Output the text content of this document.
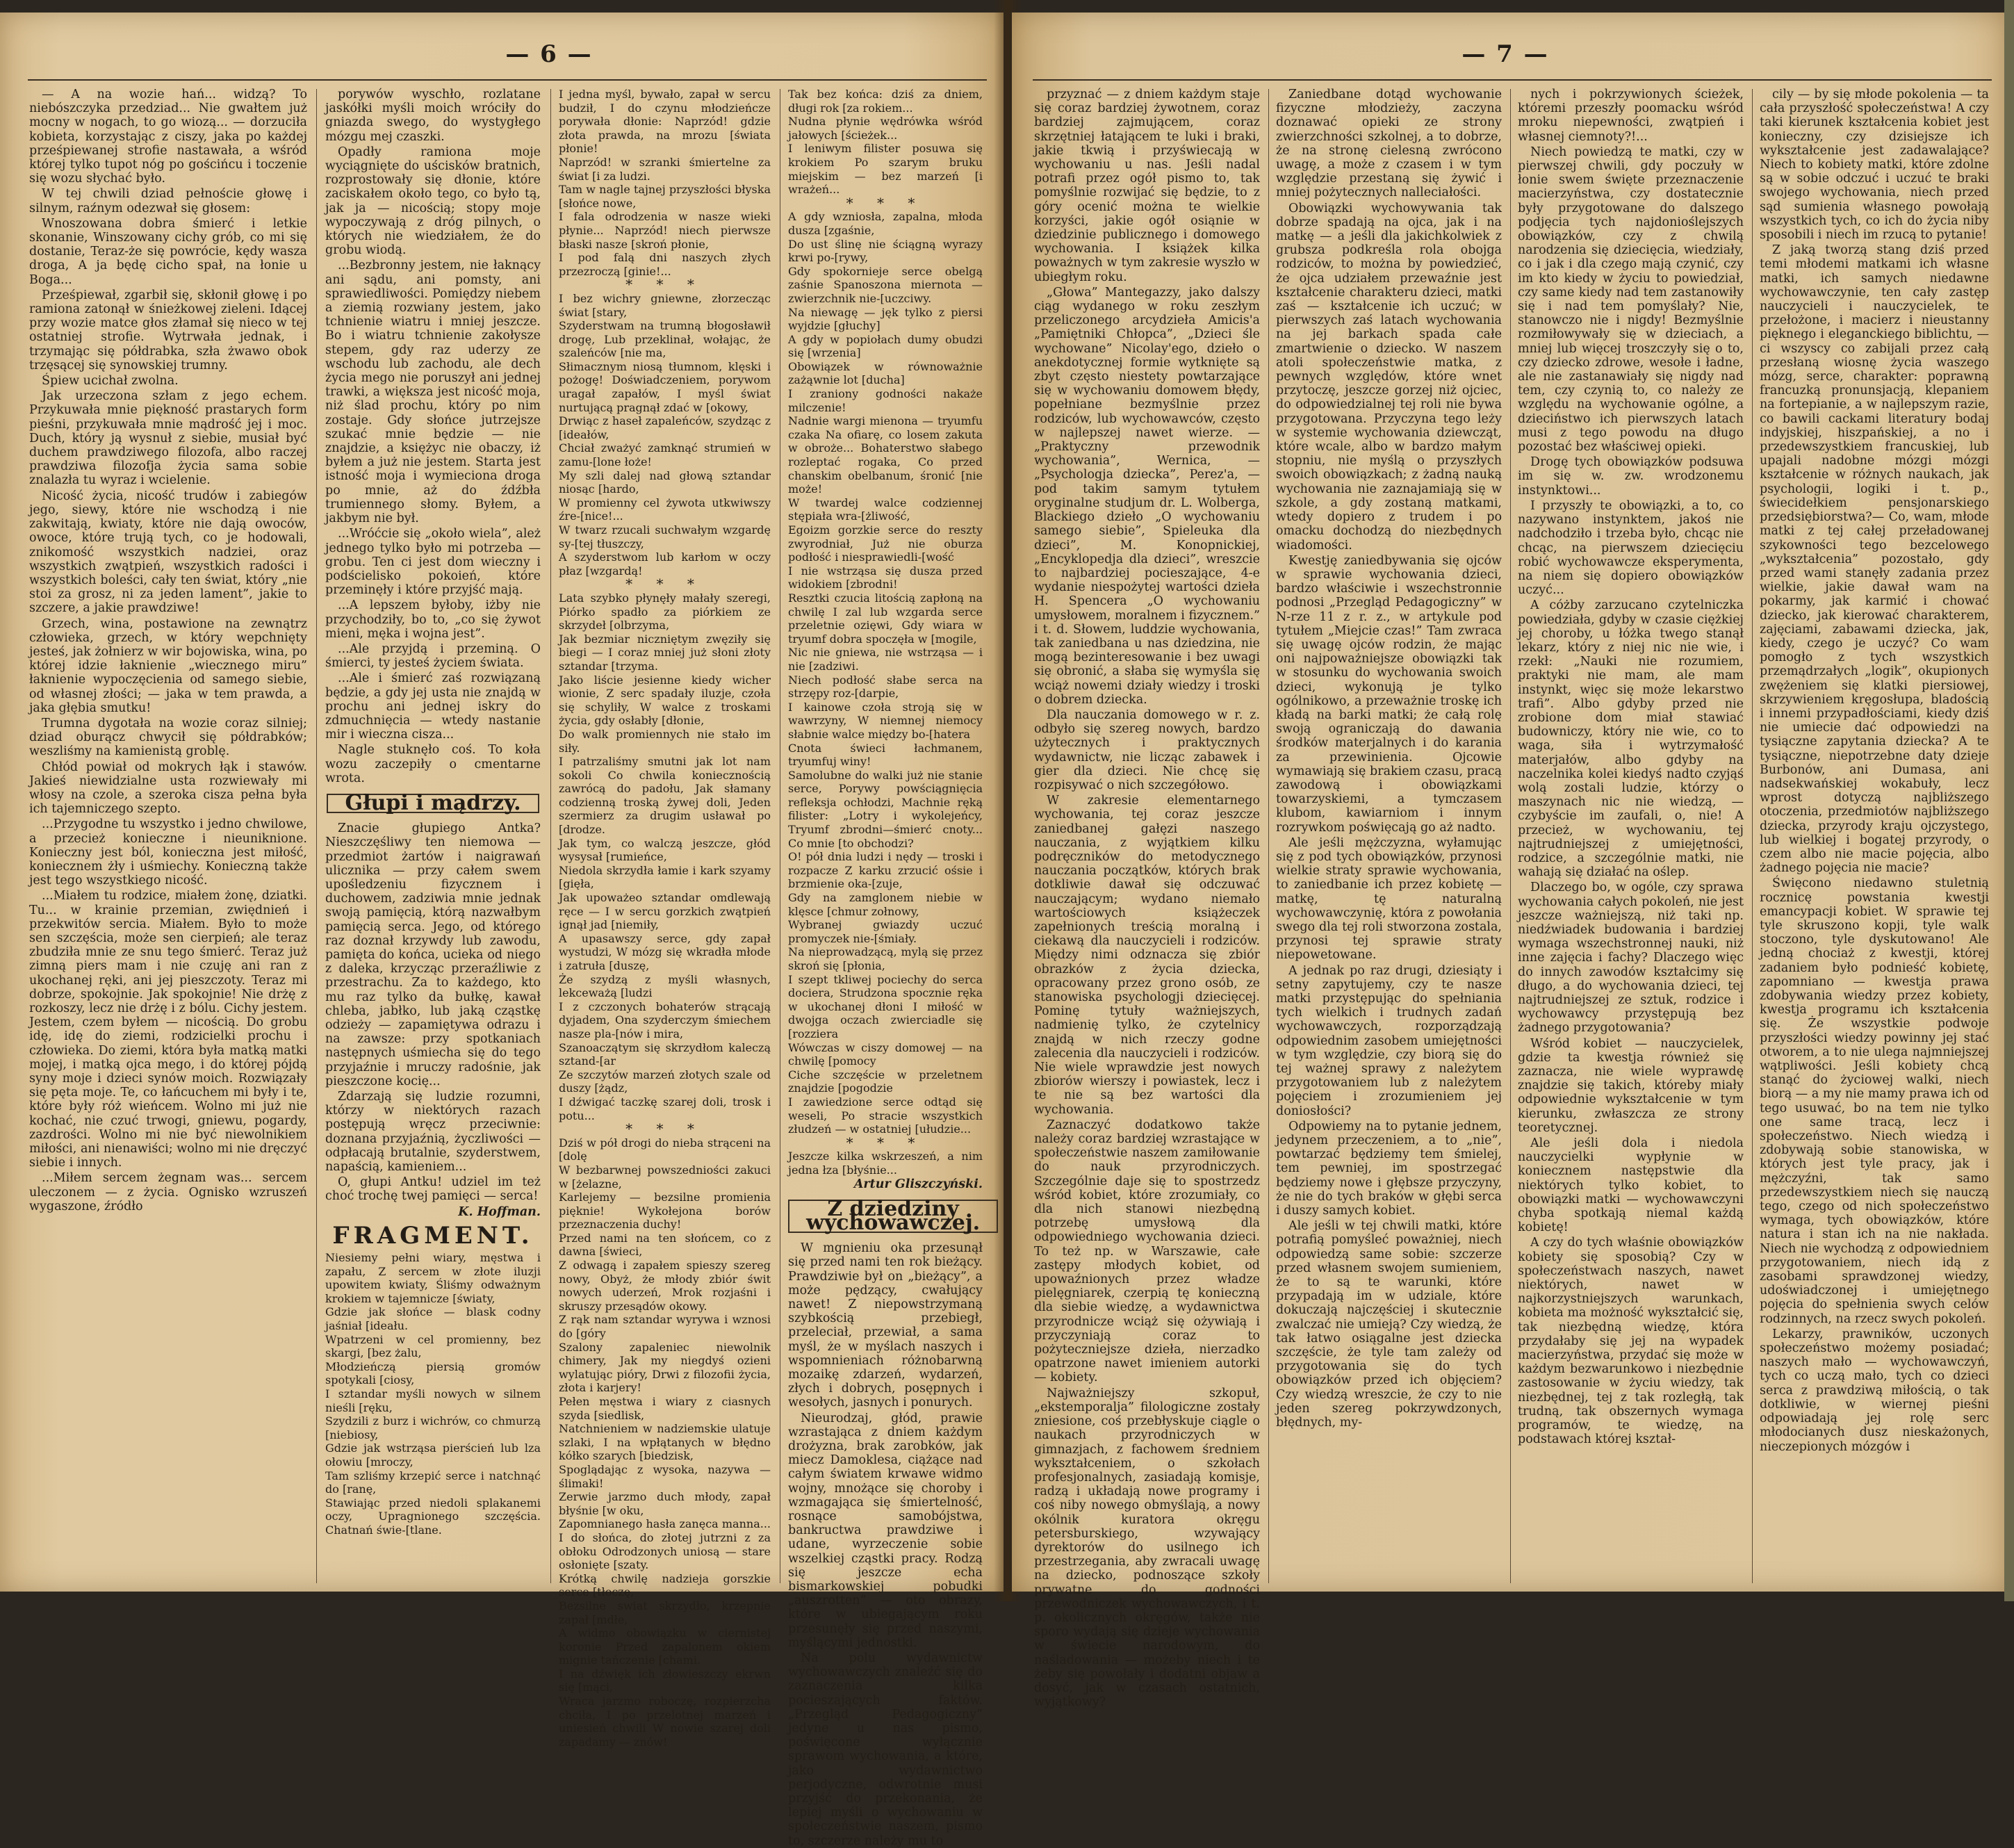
— 6 —

— A na wozie hań... widzą? To niebószczyka przedziad... Nie gwałtem już mocny w nogach, to go wiozą... — dorzuciła kobieta, korzystając z ciszy, jaka po każdej prześpiewanej strofie nastawała, a wśród której tylko tupot nóg po gościńcu i toczenie się wozu słychać było.

W tej chwili dziad pełnoście głowę i silnym, raźnym odezwał się głosem:

Wnoszowana dobra śmierć i letkie skonanie, Winszowany cichy grób, co mi się dostanie, Teraz-że się powrócie, kędy wasza droga, A ja będę cicho spał, na łonie u Boga...

Prześpiewał, zgarbił się, skłonił głowę i po ramiona zatonął w śnieżkowej zieleni. Idącej przy wozie matce głos złamał się nieco w tej ostatniej strofie. Wytrwała jednak, i trzymając się półdrabka, szła żwawo obok trzęsącej się synowskiej trumny.

Śpiew ucichał zwolna.

Jak urzeczona szłam z jego echem. Przykuwała mnie piękność prastarych form pieśni, przykuwała mnie mądrość jej i moc. Duch, który ją wysnuł z siebie, musiał być duchem prawdziwego filozofa, albo raczej prawdziwa filozofja życia sama sobie znalazła tu wyraz i wcielenie.

Nicość życia, nicość trudów i zabiegów jego, siewy, które nie wschodzą i nie zakwitają, kwiaty, które nie dają owoców, owoce, które trują tych, co je hodowali, znikomość wszystkich nadziei, oraz wszystkich zwątpień, wszystkich radości i wszystkich boleści, cały ten świat, który „nie stoi za grosz, ni za jeden lament”, jakie to szczere, a jakie prawdziwe!

Grzech, wina, postawione na zewnątrz człowieka, grzech, w który wepchnięty jesteś, jak żołnierz w wir bojowiska, wina, po której idzie łaknienie „wiecznego miru” łaknienie wypoczęcienia od samego siebie, od własnej złości; — jaka w tem prawda, a jaka głębia smutku!

Trumna dygotała na wozie coraz silniej; dziad oburącz chwycił się półdrabków; weszliśmy na kamienistą groblę.

Chłód powiał od mokrych łąk i stawów. Jakieś niewidzialne usta rozwiewały mi włosy na czole, a szeroka cisza pełna była ich tajemniczego szepto.

...Przygodne tu wszystko i jedno chwilowe, a przecież konieczne i nieuniknione. Konieczny jest ból, konieczna jest miłość, koniecznem żły i uśmiechy. Konieczną także jest tego wszystkiego nicość.

...Miałem tu rodzice, miałem żonę, dziatki. Tu... w krainie przemian, zwiędnień i przekwitów sercia. Miałem. Było to może sen szczęścia, może sen cierpień; ale teraz zbudziła mnie ze snu tego śmierć. Teraz już zimną piers mam i nie czuję ani ran z ukochanej ręki, ani jej pieszczoty. Teraz mi dobrze, spokojnie. Jak spokojnie! Nie drżę z rozkoszy, lecz nie drżę i z bólu. Cichy jestem. Jestem, czem byłem — nicością. Do grobu idę, idę do ziemi, rodzicielki prochu i człowieka. Do ziemi, która była matką matki mojej, i matką ojca mego, i do której pójdą syny moje i dzieci synów moich. Rozwiązały się pęta moje. Te, co łańcuchem mi były i te, które były róż wieńcem. Wolno mi już nie kochać, nie czuć trwogi, gniewu, pogardy, zazdrości. Wolno mi nie być niewolnikiem miłości, ani nienawiści; wolno mi nie dręczyć siebie i innych.

...Miłem sercem żegnam was... sercem uleczonem — z życia. Ognisko wzruszeń wygaszone, źródło

porywów wyschło, rozlatane jaskółki myśli moich wróciły do gniazda swego, do wystygłego mózgu mej czaszki.

Opadły ramiona moje wyciągnięte do uścisków bratnich, rozprostowały się dłonie, które zaciskałem około tego, co było tą, jak ja — nicością; stopy moje wypoczywają z dróg pilnych, o których nie wiedziałem, że do grobu wiodą.

...Bezbronny jestem, nie łaknący ani sądu, ani pomsty, ani sprawiedliwości. Pomiędzy niebem a ziemią rozwiany jestem, jako tchnienie wiatru i mniej jeszcze. Bo i wiatru tchnienie zakołysze stepem, gdy raz uderzy ze wschodu lub zachodu, ale dech życia mego nie poruszył ani jednej trawki, a większa jest nicość moja, niż ślad prochu, który po nim zostaje. Gdy słońce jutrzejsze szukać mnie będzie — nie znajdzie, a księżyc nie obaczy, iż byłem a już nie jestem. Starta jest istność moja i wymieciona droga po mnie, aż do źdźbła trumiennego słomy. Byłem, a jakbym nie był.

...Wróćcie się „około wiela”, ależ jednego tylko było mi potrzeba — grobu. Ten ci jest dom wieczny i podścielisko pokoień, które przeminęły i które przyjść mają.

...A lepszem byłoby, iżby nie przychodziły, bo to, „co się żywot mieni, męka i wojna jest”.

...Ale przyjdą i przeminą. O śmierci, ty jesteś życiem świata.

...Ale i śmierć zaś rozwiązaną będzie, a gdy jej usta nie znajdą w prochu ani jednej iskry do zdmuchnięcia — wtedy nastanie mir i wieczna cisza...

Nagle stuknęło coś. To koła wozu zaczepiły o cmentarne wrota.

Głupi i mądrzy.

Znacie głupiego Antka? Nieszczęśliwy ten niemowa — przedmiot żartów i naigrawań ulicznika — przy całem swem upośledzeniu fizycznem i duchowem, zadziwia mnie jednak swoją pamięcią, którą nazwałbym pamięcią serca. Jego, od którego raz doznał krzywdy lub zawodu, pamięta do końca, ucieka od niego z daleka, krzycząc przeraźliwie z przestrachu. Za to każdego, kto mu raz tylko da bułkę, kawał chleba, jabłko, lub jaką cząstkę odzieży — zapamiętywa odrazu i na zawsze: przy spotkaniach następnych uśmiecha się do tego przyjaźnie i mruczy radośnie, jak pieszczone kocię...

Zdarzają się ludzie rozumni, którzy w niektórych razach postępują wręcz przeciwnie: doznana przyjaźnią, życzliwości — odpłacają brutalnie, szyderstwem, napaścią, kamieniem...

O, głupi Antku! udziel im też choć trochę twej pamięci — serca!

K. Hoffman.

FRAGMENT.

Niesiemy pełni wiary, męstwa i zapału, Z sercem w złote iluzji upowitem kwiaty, Śliśmy odważnym krokiem w tajemnicze [światy,

Gdzie jak słońce — blask codny jaśniał [ideału.

Wpatrzeni w cel promienny, bez skargi, [bez żalu,

Młodzieńczą piersią gromów spotykali [ciosy,

I sztandar myśli nowych w silnem nieśli [ręku,

Szydzili z burz i wichrów, co chmurzą [niebiosy,

Gdzie jak wstrząsa pierścień lub lza ołowiu [mroczy,

Tam szliśmy krzepić serce i natchnąć do [ranę,

Stawiając przed niedoli splakanemi oczy, Upragnionego szczęścia. Chatnań świe-[tlane.

I jedna myśl, bywało, zapał w sercu budził, I do czynu młodzieńcze porywała dłonie: Naprzód! gdzie złota prawda, na mrozu [świata płonie!

Naprzód! w szranki śmiertelne za świat [i za ludzi.

Tam w nagle tajnej przyszłości błyska [słońce nowe,

I fala odrodzenia w nasze wieki płynie... Naprzód! niech pierwsze błaski nasze [skroń płonie,

I pod falą dni naszych złych przezroczą [ginie!...

* * *

I bez wichry gniewne, złorzecząc świat [stary,

Szyderstwam na trumną błogosławił drogę, Lub przeklinał, wołając, że szaleńców [nie ma,

Słimacznym niosą tłumnom, klęski i pożogę! Doświadczeniem, porywom uragał zapałów, I myśl świat nurtującą pragnął zdać w [okowy,

Drwiąc z haseł zapaleńców, szydząc z [ideałów,

Chciał zważyć zamknąć strumień w zamu-[lone łoże!

My szli dalej nad głową sztandar niosąc [hardo,

W promienny cel żywota utkwiwszy źre-[nice!...

W twarz rzucali suchwałym wzgardę sy-[tej tłuszczy,

A szyderstwom lub karłom w oczy płaz [wzgardą!

* * *

Lata szybko płynęły małały szeregi, Piórko spadło za piórkiem ze skrzydeł [olbrzyma,

Jak bezmiar niczniętym zwęziły się biegi — I coraz mniej już słoni złoty sztandar [trzyma.

Jako liście jesienne kiedy wicher wionie, Z serc spadały iluzje, czoła się schyliły, W walce z troskami życia, gdy osłabły [dłonie,

Do walk promiennych nie stało im siły.

I patrzaliśmy smutni jak lot nam sokoli Co chwila koniecznością zawrócą do padołu, Jak słamany codzienną troską żywej doli, Jeden szermierz za drugim usławał po [drodze.

Jak tym, co walczą jeszcze, głód wysysał [rumieńce,

Niedola skrzydła łamie i kark szyamy [gięła,

Jak upoważeo sztandar omdlewają ręce — I w sercu gorzkich zwątpień ignął jad [niemiły,

A upasawszy serce, gdy zapał wystudzi, W mózg się wkradła młode i zatruła [duszę,

Że szydzą z myśli własnych, lekceważą [ludzi

I z czczonych bohaterów strącają dyjadem, Ona szyderczym śmiechem nasze pla-[nów i mira,

Szanoaczątym się skrzydłom kaleczą sztand-[ar

Ze szczytów marzeń złotych szale od duszy [żądz,

I dźwigać taczkę szarej doli, trosk i potu...

* * *

Dziś w pół drogi do nieba strąceni na [dolę

W bezbarwnej powszedniości zakuci w [żelazne,

Karlejemy — bezsilne promienia pięknie! Wykołejona borów przeznaczenia duchy!

Przed nami na ten słońcem, co z dawna [świeci,

Z odwagą i zapałem spieszy szereg nowy, Obyż, że młody zbiór świt nowych uderzeń, Mrok rozjaśni i skruszy przesądów okowy.

Z rąk nam sztandar wyrywa i wznosi do [góry

Szalony zapaleniec niewolnik chimery, Jak my niegdyś ozieni wylatując pióry, Drwi z filozofii życia, złota i karjery!

Pełen męstwa i wiary z ciasnych szyda [siedlisk,

Natchnieniem w nadziemskie ulatuje szlaki, I na wpłątanych w błędno kółko szarych [biedzisk,

Spoglądając z wysoka, nazywa — ślimaki!

Zerwie jarzmo duch młody, zapał błyśnie [w oku,

Zapomnianego hasła zanęca manna... I do słońca, do złotej jutrzni z za obłoku Odrodzonych uniosą — stare osłonięte [szaty.

Krótką chwilę nadzieja gorszkie serce [tłoczę,

Bezsilne swiat skrzydło, krzepnie zapał [mdłe,

A widmo obowiązku w ciernistej koronie Przed zapalonem okiem mignie tańczenie [chami.

I na dźwięk ich złowieszczy ekrwn się [mąci,

Wraca jarzmo roboczę, rozpierzcha chciła, I po przelotnej marzeń i uniesień chwili W nowie szarej doli zapadamy — znów!

Tak bez końca: dziś za dniem, długi rok [za rokiem...

Nudna płynie wędrówka wśród jałowych [ścieżek...

I leniwym filister posuwa się krokiem Po szarym bruku miejskim — bez marzeń [i wrażeń...

* * *

A gdy wzniosła, zapalna, młoda dusza [zgaśnie,

Do ust ślinę nie ściągną wyrazy krwi po-[rywy,

Gdy spokornieje serce obelgą zaśnie Spanoszona miernota — zwierzchnik nie-[uczciwy.

Na niewagę — jęk tylko z piersi wyjdzie [głuchy]

A gdy w popiołach dumy obudzi się [wrzenia]

Obowiązek w równoważnie zażąwnie lot [ducha]

I zraniony godności nakaże milczenie!

Nadnie wargi mienona — tryumfu czaka Na ofiarę, co losem zakuta w obroże... Bohaterstwo słabego rozleptać rogaka, Co przed chanskim obelbanum, śronić [nie może!

W twardej walce codziennej stępiała wra-[żliwość,

Egoizm gorzkie serce do reszty zwyrodniał, Już nie oburza podłość i niesprawiedli-[wość

I nie wstrząsa się dusza przed widokiem [zbrodni!

Resztki czucia litością zapłoną na chwilę I zal lub wzgarda serce przeletnie ozięwi, Gdy wiara w tryumf dobra spoczęła w [mogile,

Nic nie gniewa, nie wstrząsa — i nie [zadziwi.

Niech podłość słabe serca na strzępy roz-[darpie,

I kainowe czoła stroją się w wawrzyny, W niemnej niemocy słabnie walce między bo-[hatera

Cnota świeci łachmanem, tryumfuj winy!

Samolubne do walki już nie stanie serce, Porywy powściągnięcia refleksja ochłodzi, Machnie ręką filister: „Lotry i wykolejeńcy, Tryumf zbrodni—śmierć cnoty... Co mnie [to obchodzi?

O! pół dnia ludzi i nędy — troski i rozpacze Z karku zrzucić ośsie i brzmienie oka-[zuje,

Gdy na zamglonem niebie w klęsce [chmur zołnowy,

Wybranej gwiazdy uczuć promyczek nie-[śmiały.

Na nieprowadzącą, mylą się przez skroń się [płonia,

I szept tkliwej pociechy do serca dociera, Strudzona spocznie ręka w ukochanej dłoni I miłość w dwojga oczach zwierciadle się [rozziera

Wówczas w ciszy domowej — na chwilę [pomocy

Ciche szczęście w przeletnem znajdzie [pogodzie

I zawiedzione serce odtąd się weseli, Po stracie wszystkich złudzeń — w ostatniej [ułudzie...

* * *

Jeszcze kilka wskrzeszeń, a nim jedna łza [błyśnie...

Artur Gliszczyński.

Z dziedziny wychowawczej.

W mgnieniu oka przesunął się przed nami ten rok bieżący. Prawdziwie był on „bieżący”, a może pędzący, cwałujący nawet! Z niepowstrzymaną szybkością przebiegł, przeleciał, przewiał, a sama myśl, że w myślach naszych i wspomnieniach różnobarwną mozaikę zdarzeń, wydarzeń, złych i dobrych, posępnych i wesołych, jasnych i ponurych.

Nieurodzaj, głód, prawie wzrastająca z dniem każdym drożyzna, brak zarobków, jak miecz Damoklesa, ciążące nad całym światem krwawe widmo wojny, mnożące się choroby i wzmagająca się śmiertelność, rosnące samobójstwa, bankructwa prawdziwe i udane, wyrzeczenie sobie wszelkiej cząstki pracy. Rodzą się jeszcze echa bismarkowskiej pobudki „auszrotten” — oto obrazy, które w ubiegającym roku przesunęły się przed naszymi, myślącymi jednostki.

Na polu wydawnictw wychowawczych znaleźć się do zaznaczenia kilka pocieszających faktów. „Przegląd Pedagogiczny” jedyne u nas pismo, poświęcone wyłącznie sprawom wychowania, a które, jako wydawnictwo perjodyczne, odwrotnie musi przyjść do przekonania, że lepiej myśli o wychowaniu w społeczeństwie naszem, pismo to, szczerze należy mu to

— 7 —

przyznać — z dniem każdym staje się coraz bardziej żywotnem, coraz bardziej zajmującem, coraz skrzętniej łatającem te luki i braki, jakie tkwią i przyświecają w wychowaniu u nas. Jeśli nadal potrafi przez ogół pismo to, tak pomyślnie rozwijać się będzie, to z góry ocenić można te wielkie korzyści, jakie ogół osiąnie w dziedzinie publicznego i domowego wychowania. I książek kilka poważnych w tym zakresie wyszło w ubiegłym roku.

„Głowa” Mantegazzy, jako dalszy ciąg wydanego w roku zeszłym przeliczonego arcydzieła Amicis'a „Pamiętniki Chłopca”, „Dzieci śle wychowane” Nicolay'ego, dzieło o anekdotycznej formie wytknięte są zbyt często niestety powtarzające się w wychowaniu domowem błędy, popełniane bezmyślnie przez rodziców, lub wychowawców, często w najlepszej nawet wierze. — „Praktyczny przewodnik wychowania”, Wernica, — „Psychologja dziecka”, Perez'a, — pod takim samym tytułem oryginalne studjum dr. L. Wolberga, Blackiego dzieło „O wychowaniu samego siebie”, Spieleuka dla dzieci”, M. Konopnickiej, „Encyklopedja dla dzieci”, wreszcie to najbardziej pocieszające, 4-e wydanie niespożytej wartości dzieła H. Spencera „O wychowaniu umysłowem, moralnem i fizycznem.” i t. d. Słowem, luddzie wychowania, tak zaniedbana u nas dziedzina, nie mogą bezinteresowanie i bez uwagi się obronić, a słaba się wymyśla się wciąż nowemi działy wiedzy i troski o dobrem dziecka.

Dla nauczania domowego w r. z. odbyło się szereg nowych, bardzo użytecznych i praktycznych wydawnictw, nie licząc zabawek i gier dla dzieci. Nie chcę się rozpisywać o nich szczegółowo.

W zakresie elementarnego wychowania, tej coraz jeszcze zaniedbanej gałęzi naszego nauczania, z wyjątkiem kilku podręczników do metodycznego nauczania początków, których brak dotkliwie dawał się odczuwać nauczającym; wydano niemało wartościowych książeczek zapełnionych treścią moralną i ciekawą dla nauczycieli i rodziców. Między nimi odznacza się zbiór obrazków z życia dziecka, opracowany przez grono osób, ze stanowiska psychologji dziecięcej. Pominę tytuły ważniejszych, nadmienię tylko, że czytelnicy znajdą w nich rzeczy godne zalecenia dla nauczycieli i rodziców. Nie wiele wprawdzie jest nowych zbiorów wierszy i powiastek, lecz i te nie są bez wartości dla wychowania.

Zaznaczyć dodatkowo także należy coraz bardziej wzrastające w społeczeństwie naszem zamiłowanie do nauk przyrodniczych. Szczególnie daje się to spostrzedz wśród kobiet, które zrozumiały, co dla nich stanowi niezbędną potrzebę umysłową dla odpowiedniego wychowania dzieci. To też np. w Warszawie, całe zastępy młodych kobiet, od upowaźnionych przez władze pielęgniarek, czerpią tę konieczną dla siebie wiedzę, a wydawnictwa przyrodnicze wciąż się ożywiają i przyczyniają coraz to pożyteczniejsze dzieła, nierzadko opatrzone nawet imieniem autorki — kobiety.

Najważniejszy szkopuł, „ekstemporalja” filologiczne zostały zniesione, coś przebłyskuje ciągle o naukach przyrodniczych w gimnazjach, z fachowem średniem wykształceniem, o szkołach profesjonalnych, zasiadają komisje, radzą i układają nowe programy i coś niby nowego obmyślają, a nowy okólnik kuratora okręgu petersburskiego, wzywający dyrektorów do usilnego ich przestrzegania, aby zwracali uwagę na dziecko, podnoszące szkoły prywatne do godności przewodniczek wychowawczych, i t. p. okolicznych okręgów, także nie sporo wydają się dzieje wychowania w świecie narodowym, do naśladowania — możeby niech i te żeby się powołały i dodatni objaw a dosyć, jak w czasach ostatnich, wyjątkowy?

Zaniedbane dotąd wychowanie fizyczne młodzieży, zaczyna doznawać opieki ze strony zwierzchności szkolnej, a to dobrze, że na stronę cielesną zwrócono uwagę, a może z czasem i w tym względzie przestaną się żywić i mniej pożytecznych nalleciałości.

Obowiązki wychowywania tak dobrze spadają na ojca, jak i na matkę — a jeśli dla jakichkolwiek z grubsza podkreśla rola obojga rodziców, to można by powiedzieć, że ojca udziałem przewaźnie jest kształcenie charakteru dzieci, matki zaś — kształcenie ich uczuć; w pierwszych zaś latach wychowania na jej barkach spada całe zmartwienie o dziecko. W naszem atoli społeczeństwie matka, z pewnych względów, które wnet przytoczę, jeszcze gorzej niż ojciec, do odpowiedzialnej tej roli nie bywa przygotowana. Przyczyna tego leży w systemie wychowania dziewcząt, które wcale, albo w bardzo małym stopniu, nie myślą o przyszłych swoich obowiązkach; z żadną nauką wychowania nie zaznajamiają się w szkole, a gdy zostaną matkami, wtedy dopiero z trudem i po omacku dochodzą do niezbędnych wiadomości.

Kwestję zaniedbywania się ojców w sprawie wychowania dzieci, bardzo właściwie i wszechstronnie podnosi „Przegląd Pedagogiczny” w N-rze 11 z r. z., w artykule pod tytułem „Miejcie czas!” Tam zwraca się uwagę ojców rodzin, że mając oni najpoważniejsze obowiązki tak w stosunku do wychowania swoich dzieci, wykonują je tylko ogólnikowo, a przeważnie troskę ich kładą na barki matki; że całą rolę swoją ograniczają do dawania środków materjalnych i do karania za przewinienia. Ojcowie wymawiają się brakiem czasu, pracą zawodową i obowiązkami towarzyskiemi, a tymczasem klubom, kawiarniom i innym rozrywkom poświęcają go aż nadto.

Ale jeśli mężczyzna, wyłamując się z pod tych obowiązków, przynosi wielkie straty sprawie wychowania, to zaniedbanie ich przez kobietę — matkę, tę naturalną wychowawczynię, która z powołania swego dla tej roli stworzona zostala, przynosi tej sprawie straty niepowetowane.

A jednak po raz drugi, dziesiąty i setny zapytujemy, czy te nasze matki przystępując do spełniania tych wielkich i trudnych zadań wychowawczych, rozporządzają odpowiednim zasobem umiejętności w tym względzie, czy biorą się do tej ważnej sprawy z należytem przygotowaniem lub z należytem pojęciem i zrozumieniem jej doniosłości?

Odpowiemy na to pytanie jednem, jedynem przeczeniem, a to „nie”, powtarzać będziemy tem śmielej, tem pewniej, im spostrzegać będziemy nowe i głębsze przyczyny, że nie do tych braków w głębi serca i duszy samych kobiet.

Ale jeśli w tej chwili matki, które potrafią pomyśleć poważniej, niech odpowiedzą same sobie: szczerze przed własnem swojem sumieniem, że to są te warunki, które przypadają im w udziale, które dokuczają najczęściej i skutecznie zwalczać nie umieją? Czy wiedzą, że tak łatwo osiągalne jest dziecka szczęście, że tyle tam zależy od przygotowania się do tych obowiązków przed ich objęciem? Czy wiedzą wreszcie, że czy to nie jeden szereg pokrzywdzonych, błędnych, my-

nych i pokrzywionych ścieżek, któremi przeszły poomacku wśród mroku niepewności, zwątpień i własnej ciemnoty?!...

Niech powiedzą te matki, czy w pierwszej chwili, gdy poczuły w łonie swem święte przeznaczenie macierzyństwa, czy dostatecznie były przygotowane do dalszego podjęcia tych najdonioślejszych obowiązków, czy z chwilą narodzenia się dziecięcia, wiedziały, co i jak i dla czego mają czynić, czy im kto kiedy w życiu to powiedział, czy same kiedy nad tem zastanowiły się i nad tem pomyślały? Nie, stanowczo nie i nigdy! Bezmyślnie rozmiłowywały się w dzieciach, a mniej lub więcej troszczyły się o to, czy dziecko zdrowe, wesołe i ładne, ale nie zastanawiały się nigdy nad tem, czy czynią to, co należy ze względu na wychowanie ogólne, a dzieciństwo ich pierwszych latach musi z tego powodu na długo pozostać bez właściwej opieki.

Drogę tych obowiązków podsuwa im się w. zw. wrodzonemu instynktowi...

I przyszły te obowiązki, a to, co nazywano instynktem, jakoś nie nadchodziło i trzeba było, chcąc nie chcąc, na pierwszem dziecięciu robić wychowawcze eksperymenta, na niem się dopiero obowiązków uczyć...

A cóżby zarzucano czytelniczka powiedziała, gdyby w czasie ciężkiej jej choroby, u łóżka twego stanął lekarz, który z niej nic nie wie, i rzekł: „Nauki nie rozumiem, praktyki nie mam, ale mam instynkt, więc się może lekarstwo trafi”. Albo gdyby przed nie zrobione dom miał stawiać budowniczy, który nie wie, co to waga, siła i wytrzymałość materjałów, albo gdyby na naczelnika kolei kiedyś nadto czyjąś wolą zostali ludzie, którzy o maszynach nic nie wiedzą, — czybyście im zaufali, o, nie! A przecież, w wychowaniu, tej najtrudniejszej z umiejętności, rodzice, a szczególnie matki, nie wahają się działać na oślep.

Dlaczego bo, w ogóle, czy sprawa wychowania całych pokoleń, nie jest jeszcze ważniejszą, niż taki np. niedźwiadek budowania i bardziej wymaga wszechstronnej nauki, niż inne zajęcia i fachy? Dlaczego więc do innych zawodów kształcimy się długo, a do wychowania dzieci, tej najtrudniejszej ze sztuk, rodzice i wychowawcy przystępują bez żadnego przygotowania?

Wśród kobiet — nauczycielek, gdzie ta kwestja również się zaznacza, nie wiele wyprawdę znajdzie się takich, któreby miały odpowiednie wykształcenie w tym kierunku, zwłaszcza ze strony teoretycznej.

Ale jeśli dola i niedola nauczycielki wypłynie w koniecznem następstwie dla niektórych tylko kobiet, to obowiązki matki — wychowawczyni chyba spotkają niemal każdą kobietę!

A czy do tych właśnie obowiązków kobiety się sposobią? Czy w społeczeństwach naszych, nawet niektórych, nawet w najkorzystniejszych warunkach, kobieta ma możność wykształcić się, tak niezbędną wiedzę, która przydałaby się jej na wypadek macierzyństwa, przydać się może w każdym bezwarunkowo i niezbędnie zastosowanie w życiu wiedzy, tak niezbędnej, tej z tak rozległą, tak trudną, tak obszernych wymaga programów, te wiedzę, na podstawach której kształ-

cily — by się młode pokolenia — ta cała przyszłość społeczeństwa! A czy taki kierunek kształcenia kobiet jest konieczny, czy dzisiejsze ich wykształcenie jest zadawalające? Niech to kobiety matki, które zdolne są w sobie odczuć i uczuć te braki swojego wychowania, niech przed sąd sumienia własnego powołają wszystkich tych, co ich do życia niby sposobili i niech im rzucą to pytanie!

Z jaką tworzą stang dziś przed temi młodemi matkami ich własne matki, ich samych niedawne wychowawczynie, ten cały zastęp nauczycieli i nauczycielek, te przełożone, i macierz i nieustanny pięknego i eleganckiego biblichtu, — ci wszyscy co zabijali przez całą przesłaną wiosnę życia waszego mózg, serce, charakter: poprawną francuzką pronunsjacją, klepaniem na fortepianie, a w najlepszym razie, co bawili cackami literatury bodaj indyjskiej, hiszpańskiej, a no i przedewszystkiem francuskiej, lub upajali nadobne mózgi mózgi kształcenie w różnych naukach, jak psychologii, logiki i t. p., świecidełkiem pensjonarskiego przedsiębiorstwa?— Co, wam, młode matki z tej całej przeładowanej szykowności tego bezcelowego „wykształcenia” pozostało, gdy przed wami stanęły zadania przez wielkie, jakie dawał wam na pokarmy, jak karmić i chować dziecko, jak kierować charakterem, zajęciami, zabawami dziecka, jak, kiedy, czego je uczyć? Co wam pomogło z tych wszystkich przemądrzałych „logik”, okupionych zwężeniem się klatki piersiowej, skrzywieniem kręgosłupa, bladością i innemi przypadłościami, kiedy dziś nie umiecie dać odpowiedzi na tysiączne zapytania dziecka? A te tysiączne, niepotrzebne daty dzieje Burbonów, ani Dumasa, ani nadsekwańskiej wokabuły, lecz wprost dotyczą najbliższego otoczenia, przedmiotów najbliższego dziecka, przyrody kraju ojczystego, lub wielkiej i bogatej przyrody, o czem albo nie macie pojęcia, albo żadnego pojęcia nie macie?

Święcono niedawno stuletnią rocznicę powstania kwestji emancypacji kobiet. W sprawie tej tyle skruszono kopji, tyle walk stoczono, tyle dyskutowano! Ale jedną chociaż z kwestji, której zadaniem było podnieść kobietę, zapomniano — kwestja prawa zdobywania wiedzy przez kobiety, kwestja programu ich kształcenia się. Że wszystkie podwoje przyszłości wiedzy powinny jej stać otworem, a to nie ulega najmniejszej wątpliwości. Jeśli kobiety chcą stanąć do życiowej walki, niech biorą — a my nie mamy prawa ich od tego usuwać, bo na tem nie tylko one same tracą, lecz i społeczeństwo. Niech wiedzą i zdobywają sobie stanowiska, w których jest tyle pracy, jak i mężczyźni, tak samo przedewszystkiem niech się nauczą tego, czego od nich społeczeństwo wymaga, tych obowiązków, które natura i stan ich na nie nakłada. Niech nie wychodzą z odpowiedniem przygotowaniem, niech idą z zasobami sprawdzonej wiedzy, udoświadczonej i umiejętnego pojęcia do spełnienia swych celów rodzinnych, na rzecz swych pokoleń.

Lekarzy, prawników, uczonych społeczeństwo możemy posiadać; naszych mało — wychowawczyń, tych co uczą mało, tych co dzieci serca z prawdziwą miłością, o tak dotkliwie, w wiernej pieśni odpowiadają jej rolę serc młodocianych dusz nieskażonych, nieczepionych mózgów i
